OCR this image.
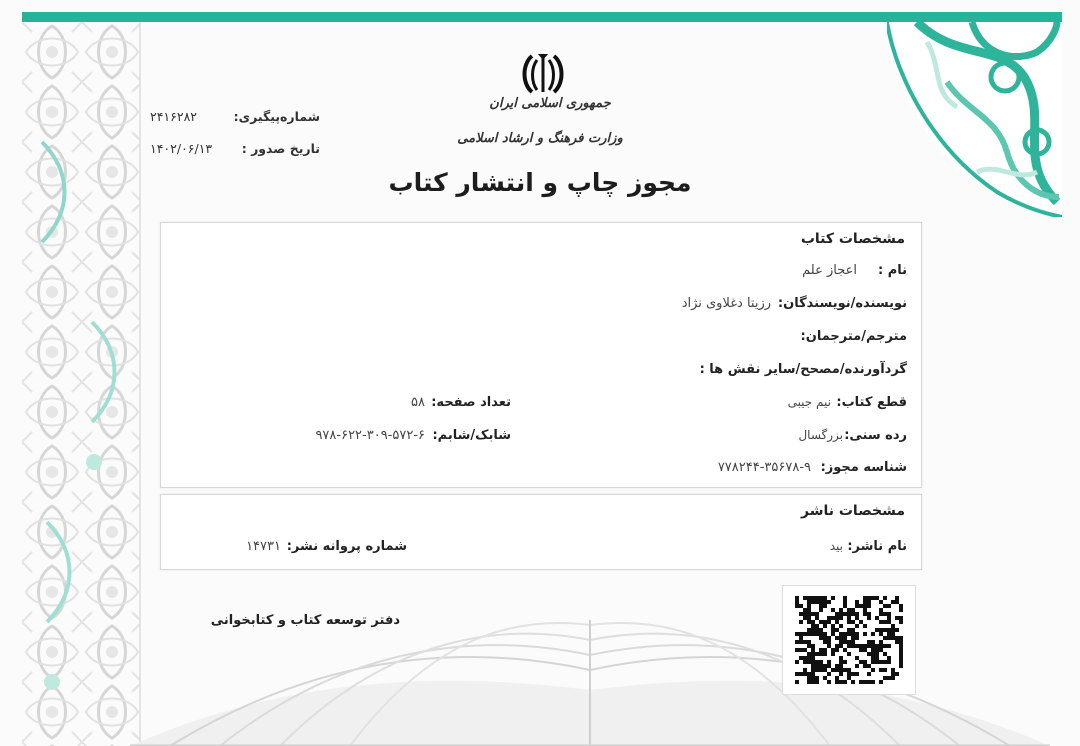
شماره‌پیگیری:
۲۴۱۶۲۸۲
تاریخ صدور :
۱۴۰۲/۰۶/۱۳
جمهوری اسلامی ایران
وزارت فرهنگ و ارشاد اسلامی
مجوز چاپ و انتشار کتاب
مشخصات کتاب
نام :
اعجاز علم
نویسنده/نویسندگان:
رزیتا دغلاوی نژاد
مترجم/مترجمان:
گردآورنده/مصحح/سایر نقش ها :
قطع کتاب:
نیم جیبی
تعداد صفحه:
۵۸
رده سنی:
بزرگسال
شابک/شابم:
۹۷۸-۶۲۲-۳۰۹-۵۷۲-۶
شناسه مجوز:
۷۷۸۲۴۴-۳۵۶۷۸-۹
مشخصات ناشر
نام ناشر:
بید
شماره پروانه نشر:
۱۴۷۳۱
دفتر توسعه کتاب و کتابخوانی
